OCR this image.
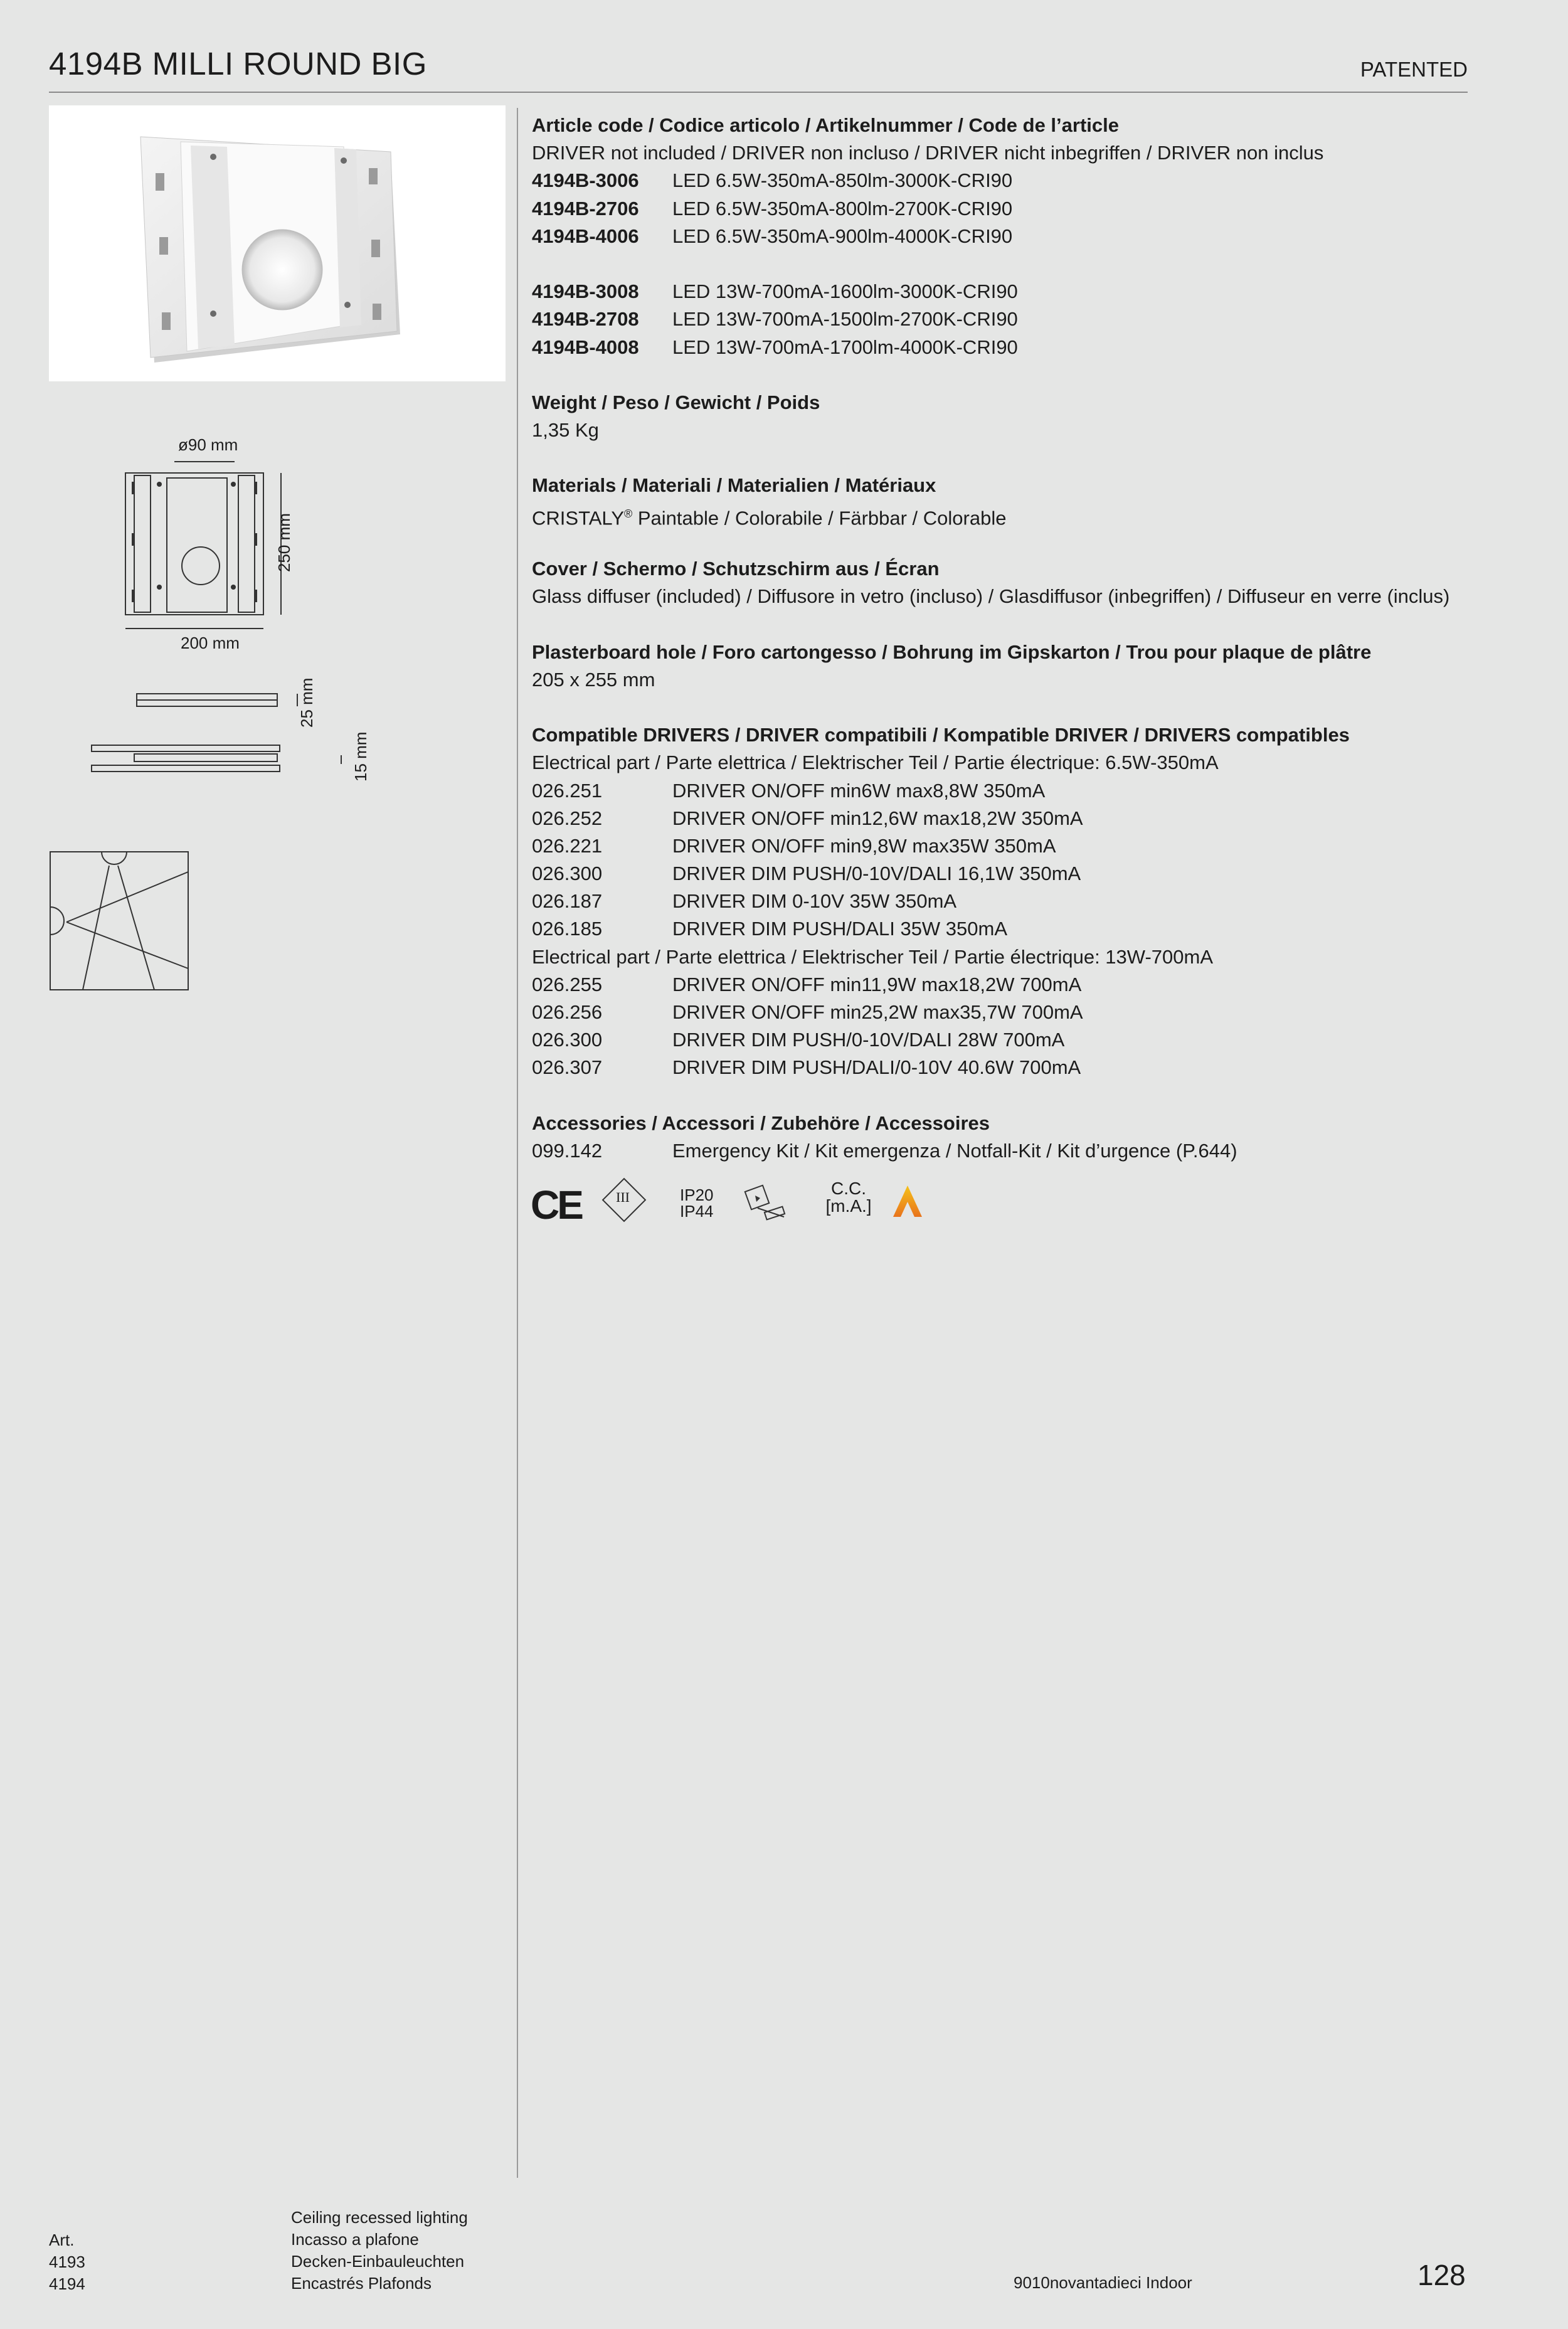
4194B MILLI ROUND BIG	PATENTED
ø90 mm
250 mm
200 mm
25 mm
15 mm
Article code / Codice articolo / Artikelnummer / Code de l’article
DRIVER not included / DRIVER non incluso / DRIVER nicht inbegriffen / DRIVER non inclus
4194B-3006 LED 6.5W-350mA-850lm-3000K-CRI90
4194B-2706 LED 6.5W-350mA-800lm-2700K-CRI90
4194B-4006 LED 6.5W-350mA-900lm-4000K-CRI90
4194B-3008 LED 13W-700mA-1600lm-3000K-CRI90
4194B-2708 LED 13W-700mA-1500lm-2700K-CRI90
4194B-4008 LED 13W-700mA-1700lm-4000K-CRI90
Weight / Peso / Gewicht / Poids
1,35 Kg
Materials / Materiali / Materialien / Matériaux
CRISTALY® Paintable / Colorabile / Färbbar / Colorable
Cover / Schermo / Schutzschirm aus / Écran
Glass diffuser (included) / Diffusore in vetro (incluso) / Glasdiffusor (inbegriffen) / Diffuseur en verre (inclus)
Plasterboard hole / Foro cartongesso / Bohrung im Gipskarton / Trou pour plaque de plâtre
205 x 255 mm
Compatible DRIVERS / DRIVER compatibili / Kompatible DRIVER / DRIVERS compatibles
Electrical part / Parte elettrica / Elektrischer Teil / Partie électrique: 6.5W-350mA
026.251	DRIVER ON/OFF min6W max8,8W 350mA
026.252	DRIVER ON/OFF min12,6W max18,2W 350mA
026.221	DRIVER ON/OFF min9,8W max35W 350mA
026.300	DRIVER DIM PUSH/0-10V/DALI 16,1W 350mA
026.187	DRIVER DIM 0-10V 35W 350mA
026.185	DRIVER DIM PUSH/DALI 35W 350mA
Electrical part / Parte elettrica / Elektrischer Teil / Partie électrique: 13W-700mA
026.255	DRIVER ON/OFF min11,9W max18,2W 700mA
026.256	DRIVER ON/OFF min25,2W max35,7W 700mA
026.300	DRIVER DIM PUSH/0-10V/DALI 28W 700mA
026.307	DRIVER DIM PUSH/DALI/0-10V 40.6W 700mA
Accessories / Accessori / Zubehöre / Accessoires
099.142	Emergency Kit / Kit emergenza / Notfall-Kit / Kit d’urgence (P.644)
CE	III	IP20
IP44
C.C.
[m.A.]
Art.
4193
4194
Ceiling recessed lighting
Incasso a plafone
Decken-Einbauleuchten
Encastrés Plafonds	9010novantadieci Indoor	128
